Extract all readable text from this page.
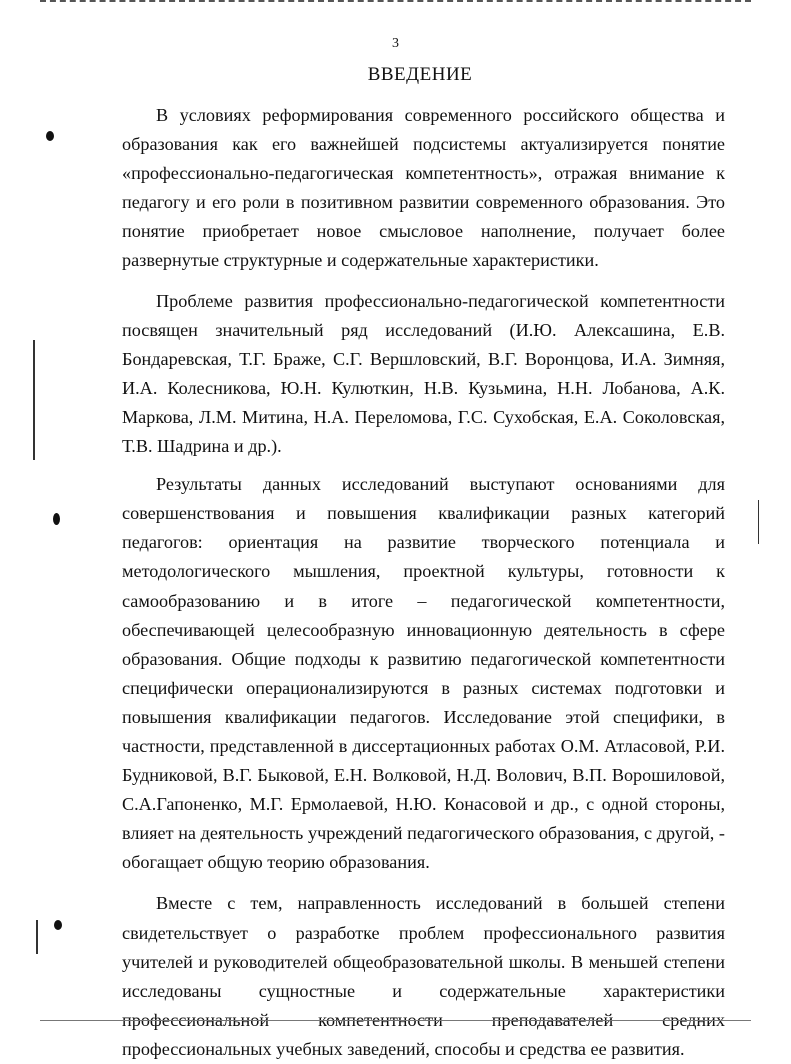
3
ВВЕДЕНИЕ

В условиях реформирования современного российского общества и образования как его важнейшей подсистемы актуализируется понятие «профессионально-педагогическая компетентность», отражая внимание к педагогу и его роли в позитивном развитии современного образования. Это понятие приобретает новое смысловое наполнение, получает более развернутые структурные и содержательные характеристики.

Проблеме развития профессионально-педагогической компетентности посвящен значительный ряд исследований (И.Ю. Алексашина, Е.В. Бондаревская, Т.Г. Браже, С.Г. Вершловский, В.Г. Воронцова, И.А. Зимняя, И.А. Колесникова, Ю.Н. Кулюткин, Н.В. Кузьмина, Н.Н. Лобанова, А.К. Маркова, Л.М. Митина, Н.А. Переломова, Г.С. Сухобская, Е.А. Соколовская, Т.В. Шадрина и др.).

Результаты данных исследований выступают основаниями для совершенствования и повышения квалификации разных категорий педагогов: ориентация на развитие творческого потенциала и методологического мышления, проектной культуры, готовности к самообразованию и в итоге – педагогической компетентности, обеспечивающей целесообразную инновационную деятельность в сфере образования. Общие подходы к развитию педагогической компетентности специфически операционализируются в разных системах подготовки и повышения квалификации педагогов. Исследование этой специфики, в частности, представленной в диссертационных работах О.М. Атласовой, Р.И. Будниковой, В.Г. Быковой, Е.Н. Волковой, Н.Д. Волович, В.П. Ворошиловой, С.А.Гапоненко, М.Г. Ермолаевой, Н.Ю. Конасовой и др., с одной стороны, влияет на деятельность учреждений педагогического образования, с другой, - обогащает общую теорию образования.

Вместе с тем, направленность исследований в большей степени свидетельствует о разработке проблем профессионального развития учителей и руководителей общеобразовательной школы. В меньшей степени исследованы сущностные и содержательные характеристики профессиональной компетентности преподавателей средних профессиональных учебных заведений, способы и средства ее развития.
